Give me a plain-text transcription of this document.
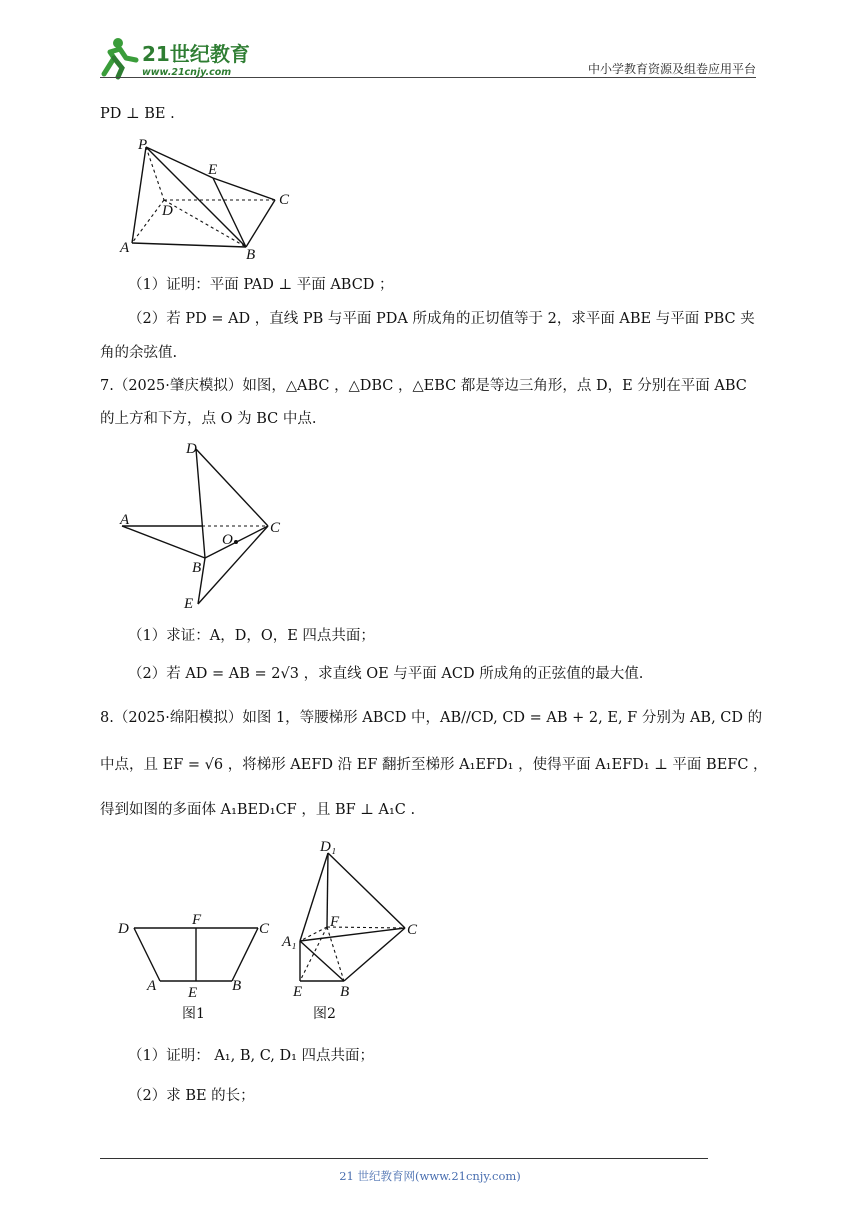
21世纪教育
www.21cnjy.com	中小学教育资源及组卷应用平台
PD ⊥ BE .
P
E
C
D
A	B
（1）证明：平面 PAD ⊥ 平面 ABCD ；
（2）若 PD = AD ，直线 PB 与平面 PDA 所成角的正切值等于 2，求平面 ABE 与平面 PBC 夹
角的余弦值.
7.（2025·肇庆模拟）如图，△ABC ，△DBC ，△EBC 都是等边三角形，点 D，E 分别在平面 ABC
的上方和下方，点 O 为 BC 中点.
D
A	C
O
B
E
（1）求证：A，D，O，E 四点共面；
（2）若 AD = AB = 2√3 ，求直线 OE 与平面 ACD 所成角的正弦值的最大值.
8.（2025·绵阳模拟）如图 1，等腰梯形 ABCD 中，AB//CD, CD = AB + 2, E, F 分别为 AB, CD 的
中点，且 EF = √6 ，将梯形 AEFD 沿 EF 翻折至梯形 A₁EFD₁ ，使得平面 A₁EFD₁ ⊥ 平面 BEFC ，
得到如图的多面体 A₁BED₁CF ，且 BF ⊥ A₁C .
D
F
C
A E B
图1
D₁
F	C
A₁
E	B
图2
（1）证明： A₁, B, C, D₁ 四点共面；
（2）求 BE 的长；
21 世纪教育网(www.21cnjy.com)
